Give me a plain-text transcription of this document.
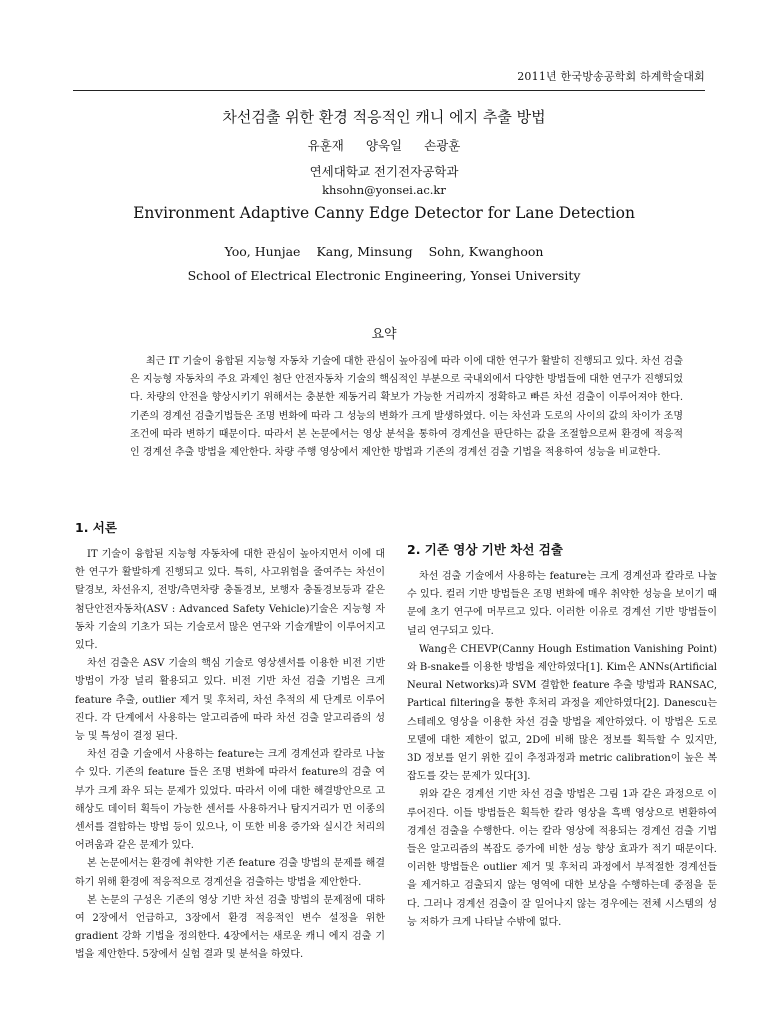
2011년 한국방송공학회 하계학술대회
차선검출 위한 환경 적응적인 캐니 에지 추출 방법
유훈재 양욱일 손광훈
연세대학교 전기전자공학과
khsohn@yonsei.ac.kr
Environment Adaptive Canny Edge Detector for Lane Detection
Yoo, Hunjae Kang, Minsung Sohn, Kwanghoon
School of Electrical Electronic Engineering, Yonsei University
요약
최근 IT 기술이 융합된 지능형 자동차 기술에 대한 관심이 높아짐에 따라 이에 대한 연구가 활발히 진행되고 있다. 차선 검출은 지능형 자동차의 주요 과제인 첨단 안전자동차 기술의 핵심적인 부분으로 국내외에서 다양한 방법들에 대한 연구가 진행되었다. 차량의 안전을 향상시키기 위해서는 충분한 제동거리 확보가 가능한 거리까지 정확하고 빠른 차선 검출이 이루어져야 한다. 기존의 경계선 검출기법들은 조명 변화에 따라 그 성능의 변화가 크게 발생하였다. 이는 차선과 도로의 사이의 값의 차이가 조명 조건에 따라 변하기 때문이다. 따라서 본 논문에서는 영상 분석을 통하여 경계선을 판단하는 값을 조절함으로써 환경에 적응적인 경계선 추출 방법을 제안한다. 차량 주행 영상에서 제안한 방법과 기존의 경계선 검출 기법을 적용하여 성능을 비교한다.
1. 서론

IT 기술이 융합된 지능형 자동차에 대한 관심이 높아지면서 이에 대한 연구가 활발하게 진행되고 있다. 특히, 사고위험을 줄여주는 차선이탈경보, 차선유지, 전방/측면차량 충돌경보, 보행자 충돌경보등과 같은 첨단안전자동차(ASV : Advanced Safety Vehicle)기술은 지능형 자동차 기술의 기초가 되는 기술로서 많은 연구와 기술개발이 이루어지고 있다.

차선 검출은 ASV 기술의 핵심 기술로 영상센서를 이용한 비전 기반 방법이 가장 널리 활용되고 있다. 비전 기반 차선 검출 기법은 크게 feature 추출, outlier 제거 및 후처리, 차선 추적의 세 단계로 이루어진다. 각 단계에서 사용하는 알고리즘에 따라 차선 검출 알고리즘의 성능 및 특성이 결정 된다.

차선 검출 기술에서 사용하는 feature는 크게 경계선과 칼라로 나눌 수 있다. 기존의 feature 들은 조명 변화에 따라서 feature의 검출 여부가 크게 좌우 되는 문제가 있었다. 따라서 이에 대한 해결방안으로 고해상도 데이터 획득이 가능한 센서를 사용하거나 탐지거리가 먼 이종의 센서를 결합하는 방법 등이 있으나, 이 또한 비용 증가와 실시간 처리의 어려움과 같은 문제가 있다.

본 논문에서는 환경에 취약한 기존 feature 검출 방법의 문제를 해결하기 위해 환경에 적응적으로 경계선을 검출하는 방법을 제안한다.

본 논문의 구성은 기존의 영상 기반 차선 검출 방법의 문제점에 대하여 2장에서 언급하고, 3장에서 환경 적응적인 변수 설정을 위한 gradient 강화 기법을 정의한다. 4장에서는 새로운 캐니 에지 검출 기법을 제안한다. 5장에서 실험 결과 및 분석을 하였다.

2. 기존 영상 기반 차선 검출

차선 검출 기술에서 사용하는 feature는 크게 경계선과 칼라로 나눌 수 있다. 컬러 기반 방법들은 조명 변화에 매우 취약한 성능을 보이기 때문에 초기 연구에 머무르고 있다. 이러한 이유로 경계선 기반 방법들이 널리 연구되고 있다.

Wang은 CHEVP(Canny Hough Estimation Vanishing Point) 와 B-snake를 이용한 방법을 제안하였다[1]. Kim은 ANNs(Artificial Neural Networks)과 SVM 결합한 feature 추출 방법과 RANSAC, Partical filtering을 통한 후처리 과정을 제안하였다[2]. Danescu는 스테레오 영상을 이용한 차선 검출 방법을 제안하였다. 이 방법은 도로 모델에 대한 제한이 없고, 2D에 비해 많은 정보를 획득할 수 있지만, 3D 정보를 얻기 위한 깊이 추정과정과 metric calibration이 높은 복잡도를 갖는 문제가 있다[3].

위와 같은 경계선 기반 차선 검출 방법은 그림 1과 같은 과정으로 이루어진다. 이들 방법들은 획득한 칼라 영상을 흑백 영상으로 변환하여 경계선 검출을 수행한다. 이는 칼라 영상에 적용되는 경계선 검출 기법들은 알고리즘의 복잡도 증가에 비한 성능 향상 효과가 적기 때문이다. 이러한 방법들은 outlier 제거 및 후처리 과정에서 부적절한 경계선들을 제거하고 검출되지 않는 영역에 대한 보상을 수행하는데 중점을 둔다. 그러나 경계선 검출이 잘 일어나지 않는 경우에는 전체 시스템의 성능 저하가 크게 나타날 수밖에 없다.
